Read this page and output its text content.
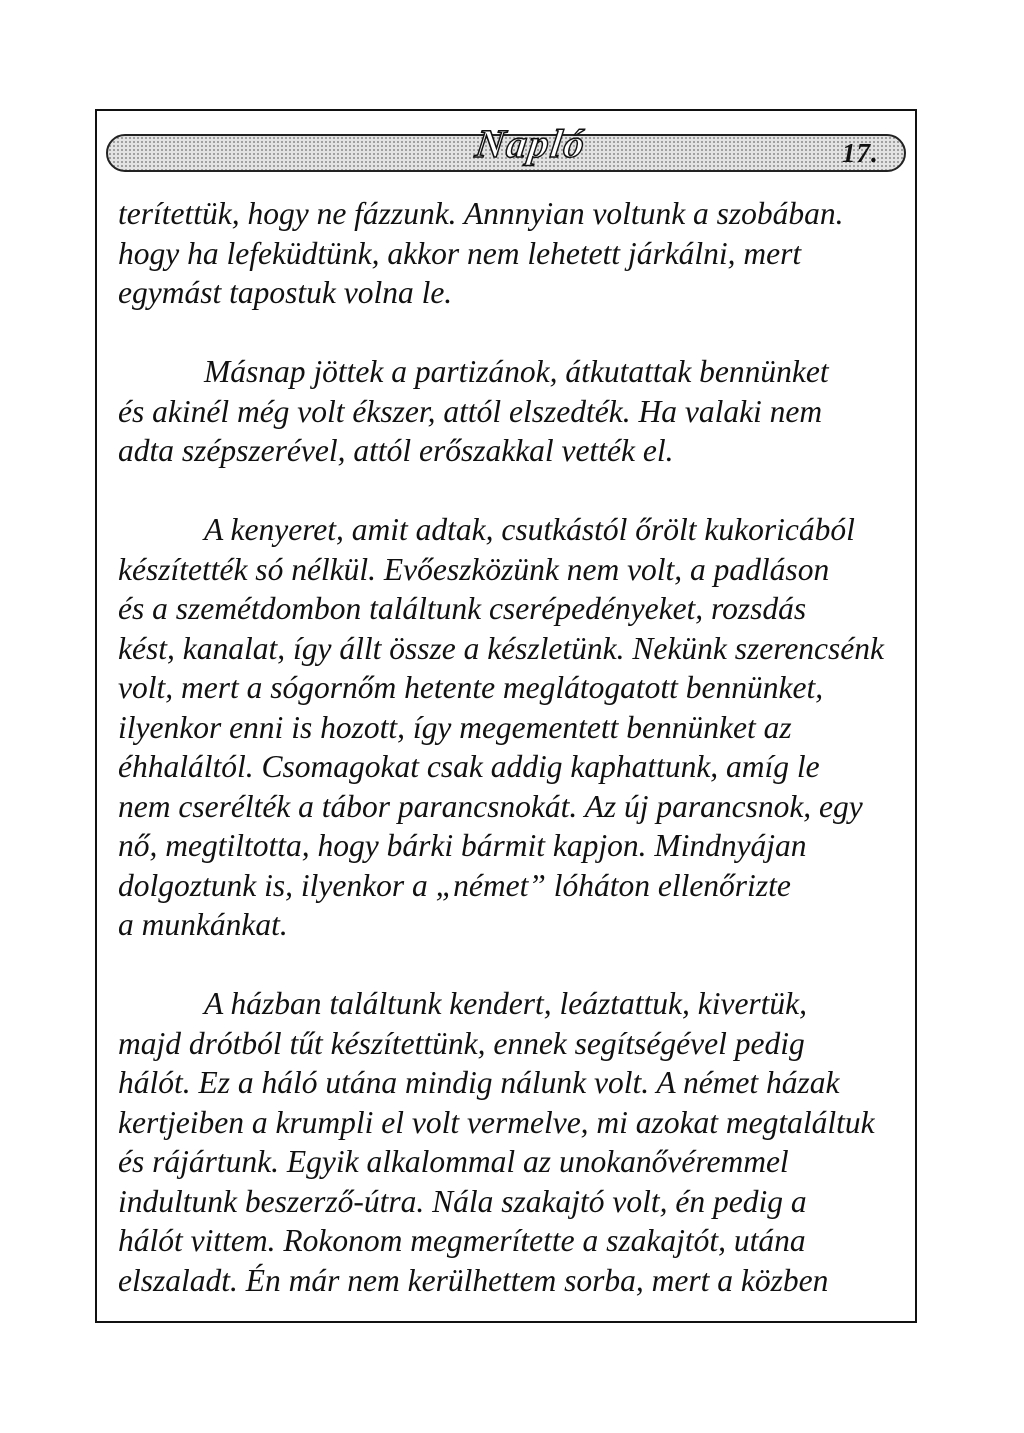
Napló	17.
terítettük, hogy ne fázzunk. Annnyian voltunk a szobában.
hogy ha lefeküdtünk, akkor nem lehetett járkálni, mert
egymást tapostuk volna le.
Másnap jöttek a partizánok, átkutattak bennünket
és akinél még volt ékszer, attól elszedték. Ha valaki nem
adta szépszerével, attól erőszakkal vették el.
A kenyeret, amit adtak, csutkástól őrölt kukoricából
készítették só nélkül. Evőeszközünk nem volt, a padláson
és a szemétdombon találtunk cserépedényeket, rozsdás
kést, kanalat, így állt össze a készletünk. Nekünk szerencsénk
volt, mert a sógornőm hetente meglátogatott bennünket,
ilyenkor enni is hozott, így megementett bennünket az
éhhaláltól. Csomagokat csak addig kaphattunk, amíg le
nem cserélték a tábor parancsnokát. Az új parancsnok, egy
nő, megtiltotta, hogy bárki bármit kapjon. Mindnyájan
dolgoztunk is, ilyenkor a „német” lóháton ellenőrizte
a munkánkat.
A házban találtunk kendert, leáztattuk, kivertük,
majd drótból tűt készítettünk, ennek segítségével pedig
hálót. Ez a háló utána mindig nálunk volt. A német házak
kertjeiben a krumpli el volt vermelve, mi azokat megtaláltuk
és rájártunk. Egyik alkalommal az unokanővéremmel
indultunk beszerző-útra. Nála szakajtó volt, én pedig a
hálót vittem. Rokonom megmerítette a szakajtót, utána
elszaladt. Én már nem kerülhettem sorba, mert a közben
